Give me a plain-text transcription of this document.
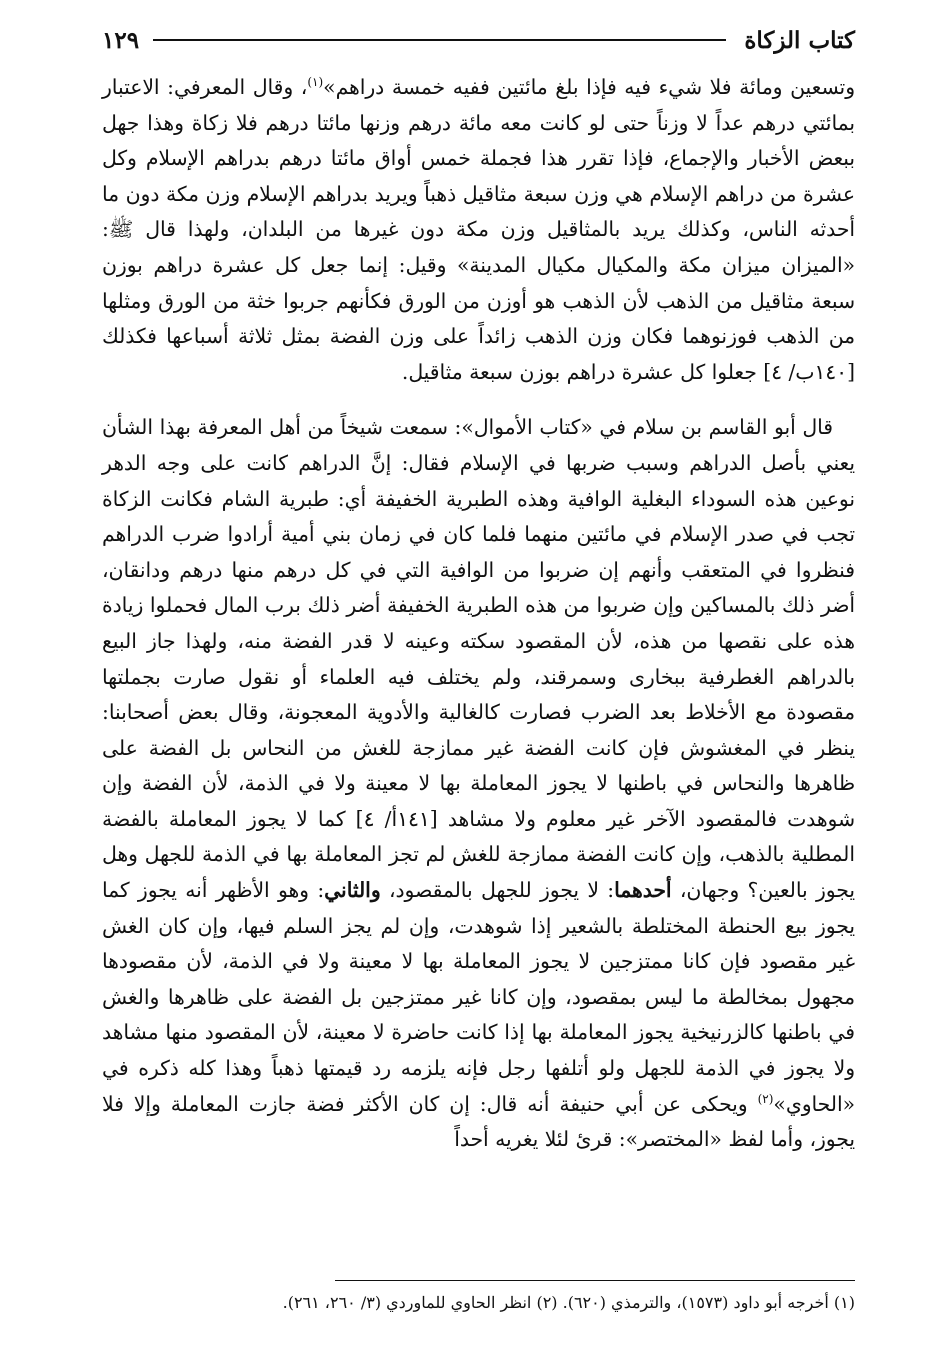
كتاب الزكاة
١٢٩

وتسعين ومائة فلا شيء فيه فإذا بلغ مائتين ففيه خمسة دراهم»$^{(١)}$، وقال المعرفي: الاعتبار بمائتي درهم عداً لا وزناً حتى لو كانت معه مائة درهم وزنها مائتا درهم فلا زكاة وهذا جهل ببعض الأخبار والإجماع، فإذا تقرر هذا فجملة خمس أواق مائتا درهم بدراهم الإسلام وكل عشرة من دراهم الإسلام هي وزن سبعة مثاقيل ذهباً ويريد بدراهم الإسلام وزن مكة دون ما أحدثه الناس، وكذلك يريد بالمثاقيل وزن مكة دون غيرها من البلدان، ولهذا قال ﷺ: «الميزان ميزان مكة والمكيال مكيال المدينة» وقيل: إنما جعل كل عشرة دراهم بوزن سبعة مثاقيل من الذهب لأن الذهب هو أوزن من الورق فكأنهم جربوا خثة من الورق ومثلها من الذهب فوزنوهما فكان وزن الذهب زائداً على وزن الفضة بمثل ثلاثة أسباعها فكذلك [١٤٠ب/ ٤] جعلوا كل عشرة دراهم بوزن سبعة مثاقيل.

قال أبو القاسم بن سلام في «كتاب الأموال»: سمعت شيخاً من أهل المعرفة بهذا الشأن يعني بأصل الدراهم وسبب ضربها في الإسلام فقال: إنَّ الدراهم كانت على وجه الدهر نوعين هذه السوداء البغلية الوافية وهذه الطبرية الخفيفة أي: طبرية الشام فكانت الزكاة تجب في صدر الإسلام في مائتين منهما فلما كان في زمان بني أمية أرادوا ضرب الدراهم فنظروا في المتعقب وأنهم إن ضربوا من الوافية التي في كل درهم منها درهم ودانقان، أضر ذلك بالمساكين وإن ضربوا من هذه الطبرية الخفيفة أضر ذلك برب المال فحملوا زيادة هذه على نقصها من هذه، لأن المقصود سكته وعينه لا قدر الفضة منه، ولهذا جاز البيع بالدراهم الغطرفية ببخارى وسمرقند، ولم يختلف فيه العلماء أو نقول صارت بجملتها مقصودة مع الأخلاط بعد الضرب فصارت كالغالية والأدوية المعجونة، وقال بعض أصحابنا: ينظر في المغشوش فإن كانت الفضة غير ممازجة للغش من النحاس بل الفضة على ظاهرها والنحاس في باطنها لا يجوز المعاملة بها لا معينة ولا في الذمة، لأن الفضة وإن شوهدت فالمقصود الآخر غير معلوم ولا مشاهد [١٤١أ/ ٤] كما لا يجوز المعاملة بالفضة المطلية بالذهب، وإن كانت الفضة ممازجة للغش لم تجز المعاملة بها في الذمة للجهل وهل يجوز بالعين؟ وجهان، أحدهما: لا يجوز للجهل بالمقصود، والثاني: وهو الأظهر أنه يجوز كما يجوز بيع الحنطة المختلطة بالشعير إذا شوهدت، وإن لم يجز السلم فيها، وإن كان الغش غير مقصود فإن كانا ممتزجين لا يجوز المعاملة بها لا معينة ولا في الذمة، لأن مقصودها مجهول بمخالطة ما ليس بمقصود، وإن كانا غير ممتزجين بل الفضة على ظاهرها والغش في باطنها كالزرنيخية يجوز المعاملة بها إذا كانت حاضرة لا معينة، لأن المقصود منها مشاهد ولا يجوز في الذمة للجهل ولو أتلفها رجل فإنه يلزمه رد قيمتها ذهباً وهذا كله ذكره في «الحاوي»$^{(٢)}$ ويحكى عن أبي حنيفة أنه قال: إن كان الأكثر فضة جازت المعاملة وإلا فلا يجوز، وأما لفظ «المختصر»: قرئ لئلا يغريه أحداً

(١) أخرجه أبو داود (١٥٧٣)، والترمذي (٦٢٠). (٢) انظر الحاوي للماوردي (٣/ ٢٦٠، ٢٦١).
